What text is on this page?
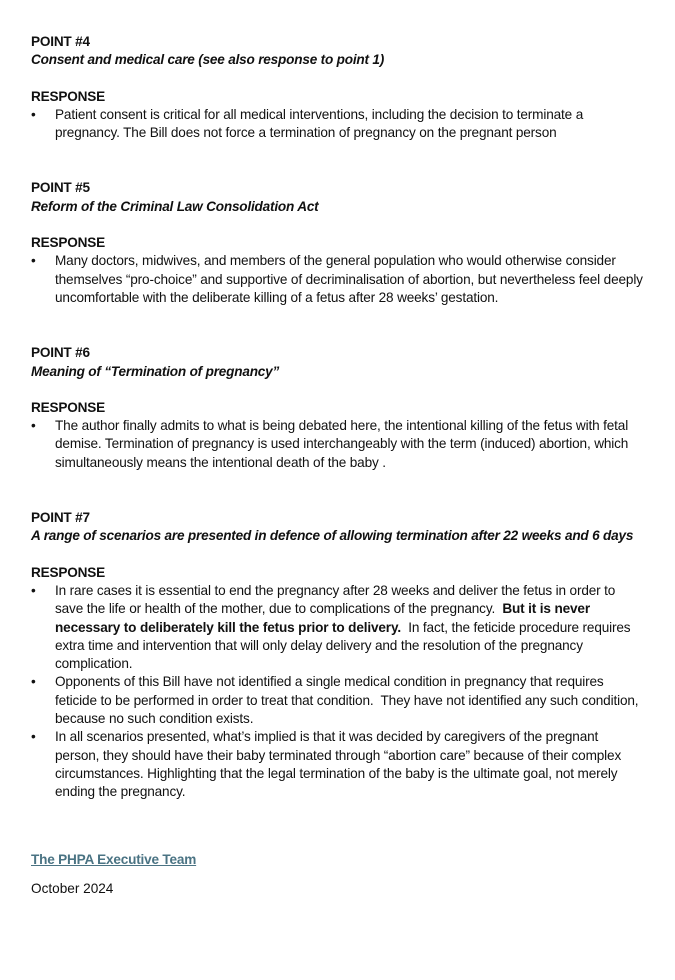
POINT #4
Consent and medical care (see also response to point 1)
RESPONSE
•	Patient consent is critical for all medical interventions, including the decision to terminate a pregnancy. The Bill does not force a termination of pregnancy on the pregnant person
POINT #5
Reform of the Criminal Law Consolidation Act
RESPONSE
•	Many doctors, midwives, and members of the general population who would otherwise consider themselves “pro-choice” and supportive of decriminalisation of abortion, but nevertheless feel deeply uncomfortable with the deliberate killing of a fetus after 28 weeks’ gestation.
POINT #6
Meaning of “Termination of pregnancy”
RESPONSE
•	The author finally admits to what is being debated here, the intentional killing of the fetus with fetal demise. Termination of pregnancy is used interchangeably with the term (induced) abortion, which simultaneously means the intentional death of the baby .
POINT #7
A range of scenarios are presented in defence of allowing termination after 22 weeks and 6 days
RESPONSE
•	In rare cases it is essential to end the pregnancy after 28 weeks and deliver the fetus in order to save the life or health of the mother, due to complications of the pregnancy.  But it is never necessary to deliberately kill the fetus prior to delivery.  In fact, the feticide procedure requires extra time and intervention that will only delay delivery and the resolution of the pregnancy complication.
•	Opponents of this Bill have not identified a single medical condition in pregnancy that requires feticide to be performed in order to treat that condition.  They have not identified any such condition, because no such condition exists.
•	In all scenarios presented, what’s implied is that it was decided by caregivers of the pregnant person, they should have their baby terminated through “abortion care” because of their complex circumstances. Highlighting that the legal termination of the baby is the ultimate goal, not merely ending the pregnancy.
The PHPA Executive Team
October 2024
